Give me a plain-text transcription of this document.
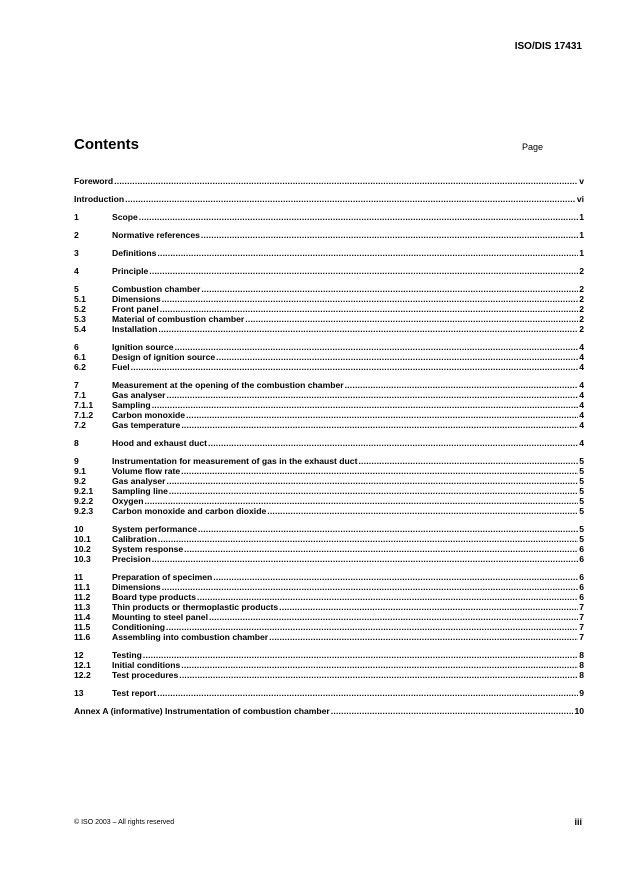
ISO/DIS 17431
Contents	Page
Foreword .....	v
Introduction .....	vi
1	Scope .....	1
2	Normative references .....	1
3	Definitions .....	1
4	Principle .....	2
5	Combustion chamber .....	2
5.1	Dimensions .....	2
5.2	Front panel .....	2
5.3	Material of combustion chamber .....	2
5.4	Installation .....	2
6	Ignition source .....	4
6.1	Design of ignition source .....	4
6.2	Fuel .....	4
7	Measurement at the opening of the combustion chamber .....	4
7.1	Gas analyser .....	4
7.1.1	Sampling .....	4
7.1.2	Carbon monoxide .....	4
7.2	Gas temperature .....	4
8	Hood and exhaust duct .....	4
9	Instrumentation for measurement of gas in the exhaust duct .....	5
9.1	Volume flow rate .....	5
9.2	Gas analyser .....	5
9.2.1	Sampling line .....	5
9.2.2	Oxygen .....	5
9.2.3	Carbon monoxide and carbon dioxide .....	5
10	System performance .....	5
10.1	Calibration .....	5
10.2	System response .....	6
10.3	Precision .....	6
11	Preparation of specimen .....	6
11.1	Dimensions .....	6
11.2	Board type products .....	6
11.3	Thin products or thermoplastic products .....	7
11.4	Mounting to steel panel .....	7
11.5	Conditioning .....	7
11.6	Assembling into combustion chamber .....	7
12	Testing .....	8
12.1	Initial conditions .....	8
12.2	Test procedures .....	8
13	Test report .....	9
Annex A (informative) Instrumentation of combustion chamber .....	10
© ISO 2003 – All rights reserved	iii
